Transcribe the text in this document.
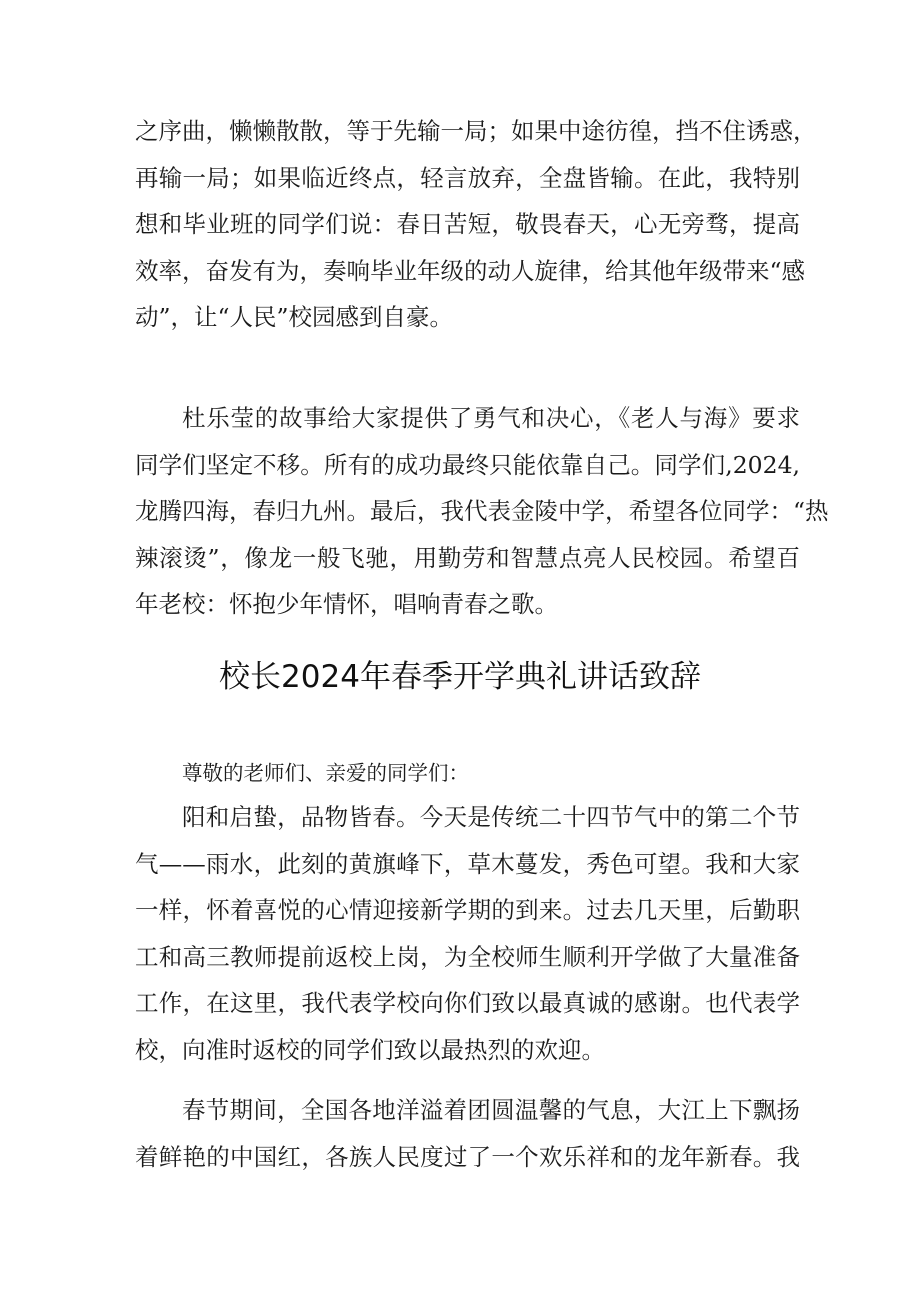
之序曲，懒懒散散，等于先输一局；如果中途彷徨，挡不住诱惑，
再输一局；如果临近终点，轻言放弃，全盘皆输。在此，我特别
想和毕业班的同学们说：春日苦短，敬畏春天，心无旁骛，提高
效率，奋发有为，奏响毕业年级的动人旋律，给其他年级带来“感
动”，让“人民”校园感到自豪。
杜乐莹的故事给大家提供了勇气和决心，《老人与海》要求
同学们坚定不移。所有的成功最终只能依靠自己。同学们,2024,
龙腾四海，春归九州。最后，我代表金陵中学，希望各位同学：“热
辣滚烫”，像龙一般飞驰，用勤劳和智慧点亮人民校园。希望百
年老校：怀抱少年情怀，唱响青春之歌。
校长2024年春季开学典礼讲话致辞
尊敬的老师们、亲爱的同学们：
阳和启蛰，品物皆春。今天是传统二十四节气中的第二个节
气——雨水，此刻的黄旗峰下，草木蔓发，秀色可望。我和大家
一样，怀着喜悦的心情迎接新学期的到来。过去几天里，后勤职
工和高三教师提前返校上岗，为全校师生顺利开学做了大量准备
工作，在这里，我代表学校向你们致以最真诚的感谢。也代表学
校，向准时返校的同学们致以最热烈的欢迎。
春节期间，全国各地洋溢着团圆温馨的气息，大江上下飘扬
着鲜艳的中国红，各族人民度过了一个欢乐祥和的龙年新春。我
